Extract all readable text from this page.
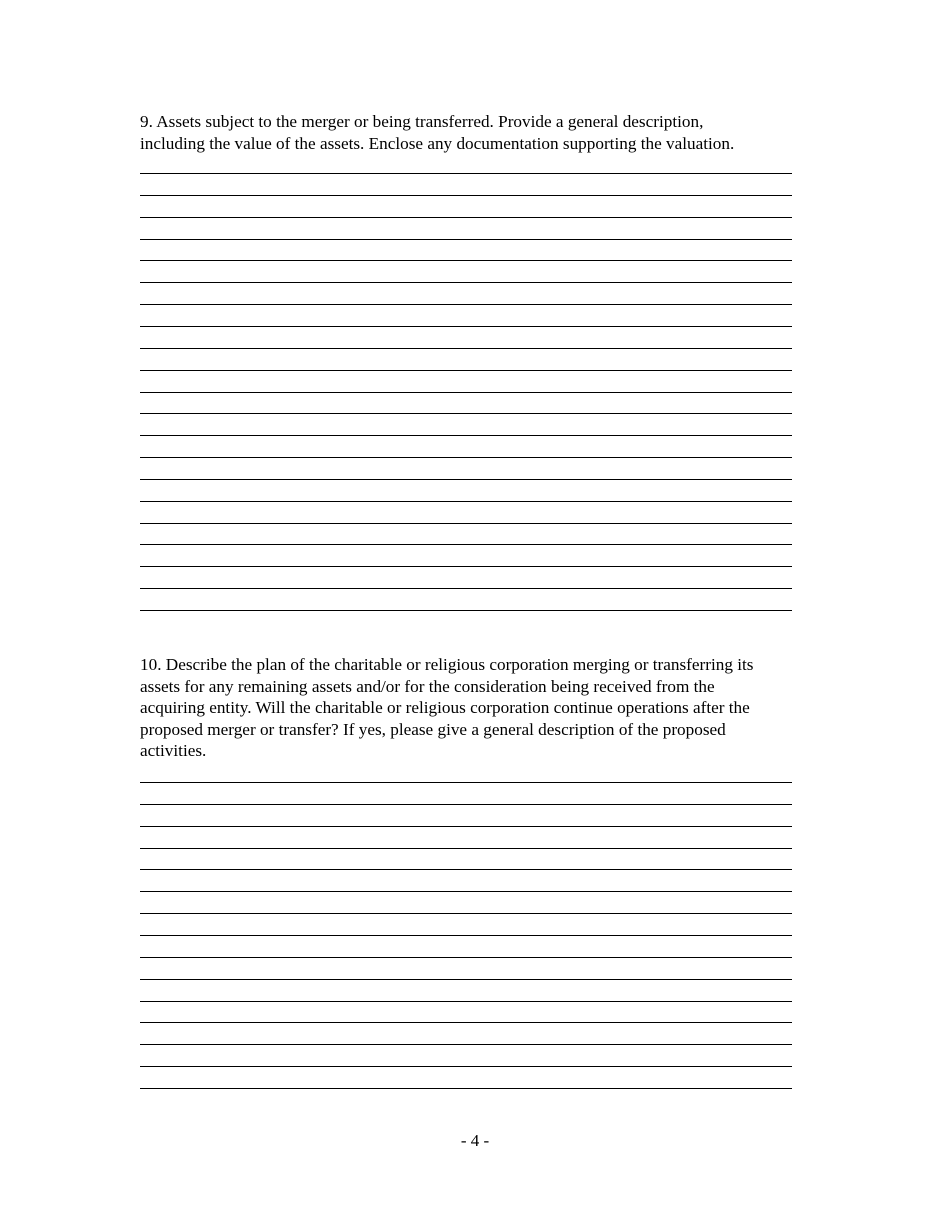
9. Assets subject to the merger or being transferred. Provide a general description,
including the value of the assets. Enclose any documentation supporting the valuation.
10. Describe the plan of the charitable or religious corporation merging or transferring its
assets for any remaining assets and/or for the consideration being received from the
acquiring entity. Will the charitable or religious corporation continue operations after the
proposed merger or transfer? If yes, please give a general description of the proposed
activities.
- 4 -
